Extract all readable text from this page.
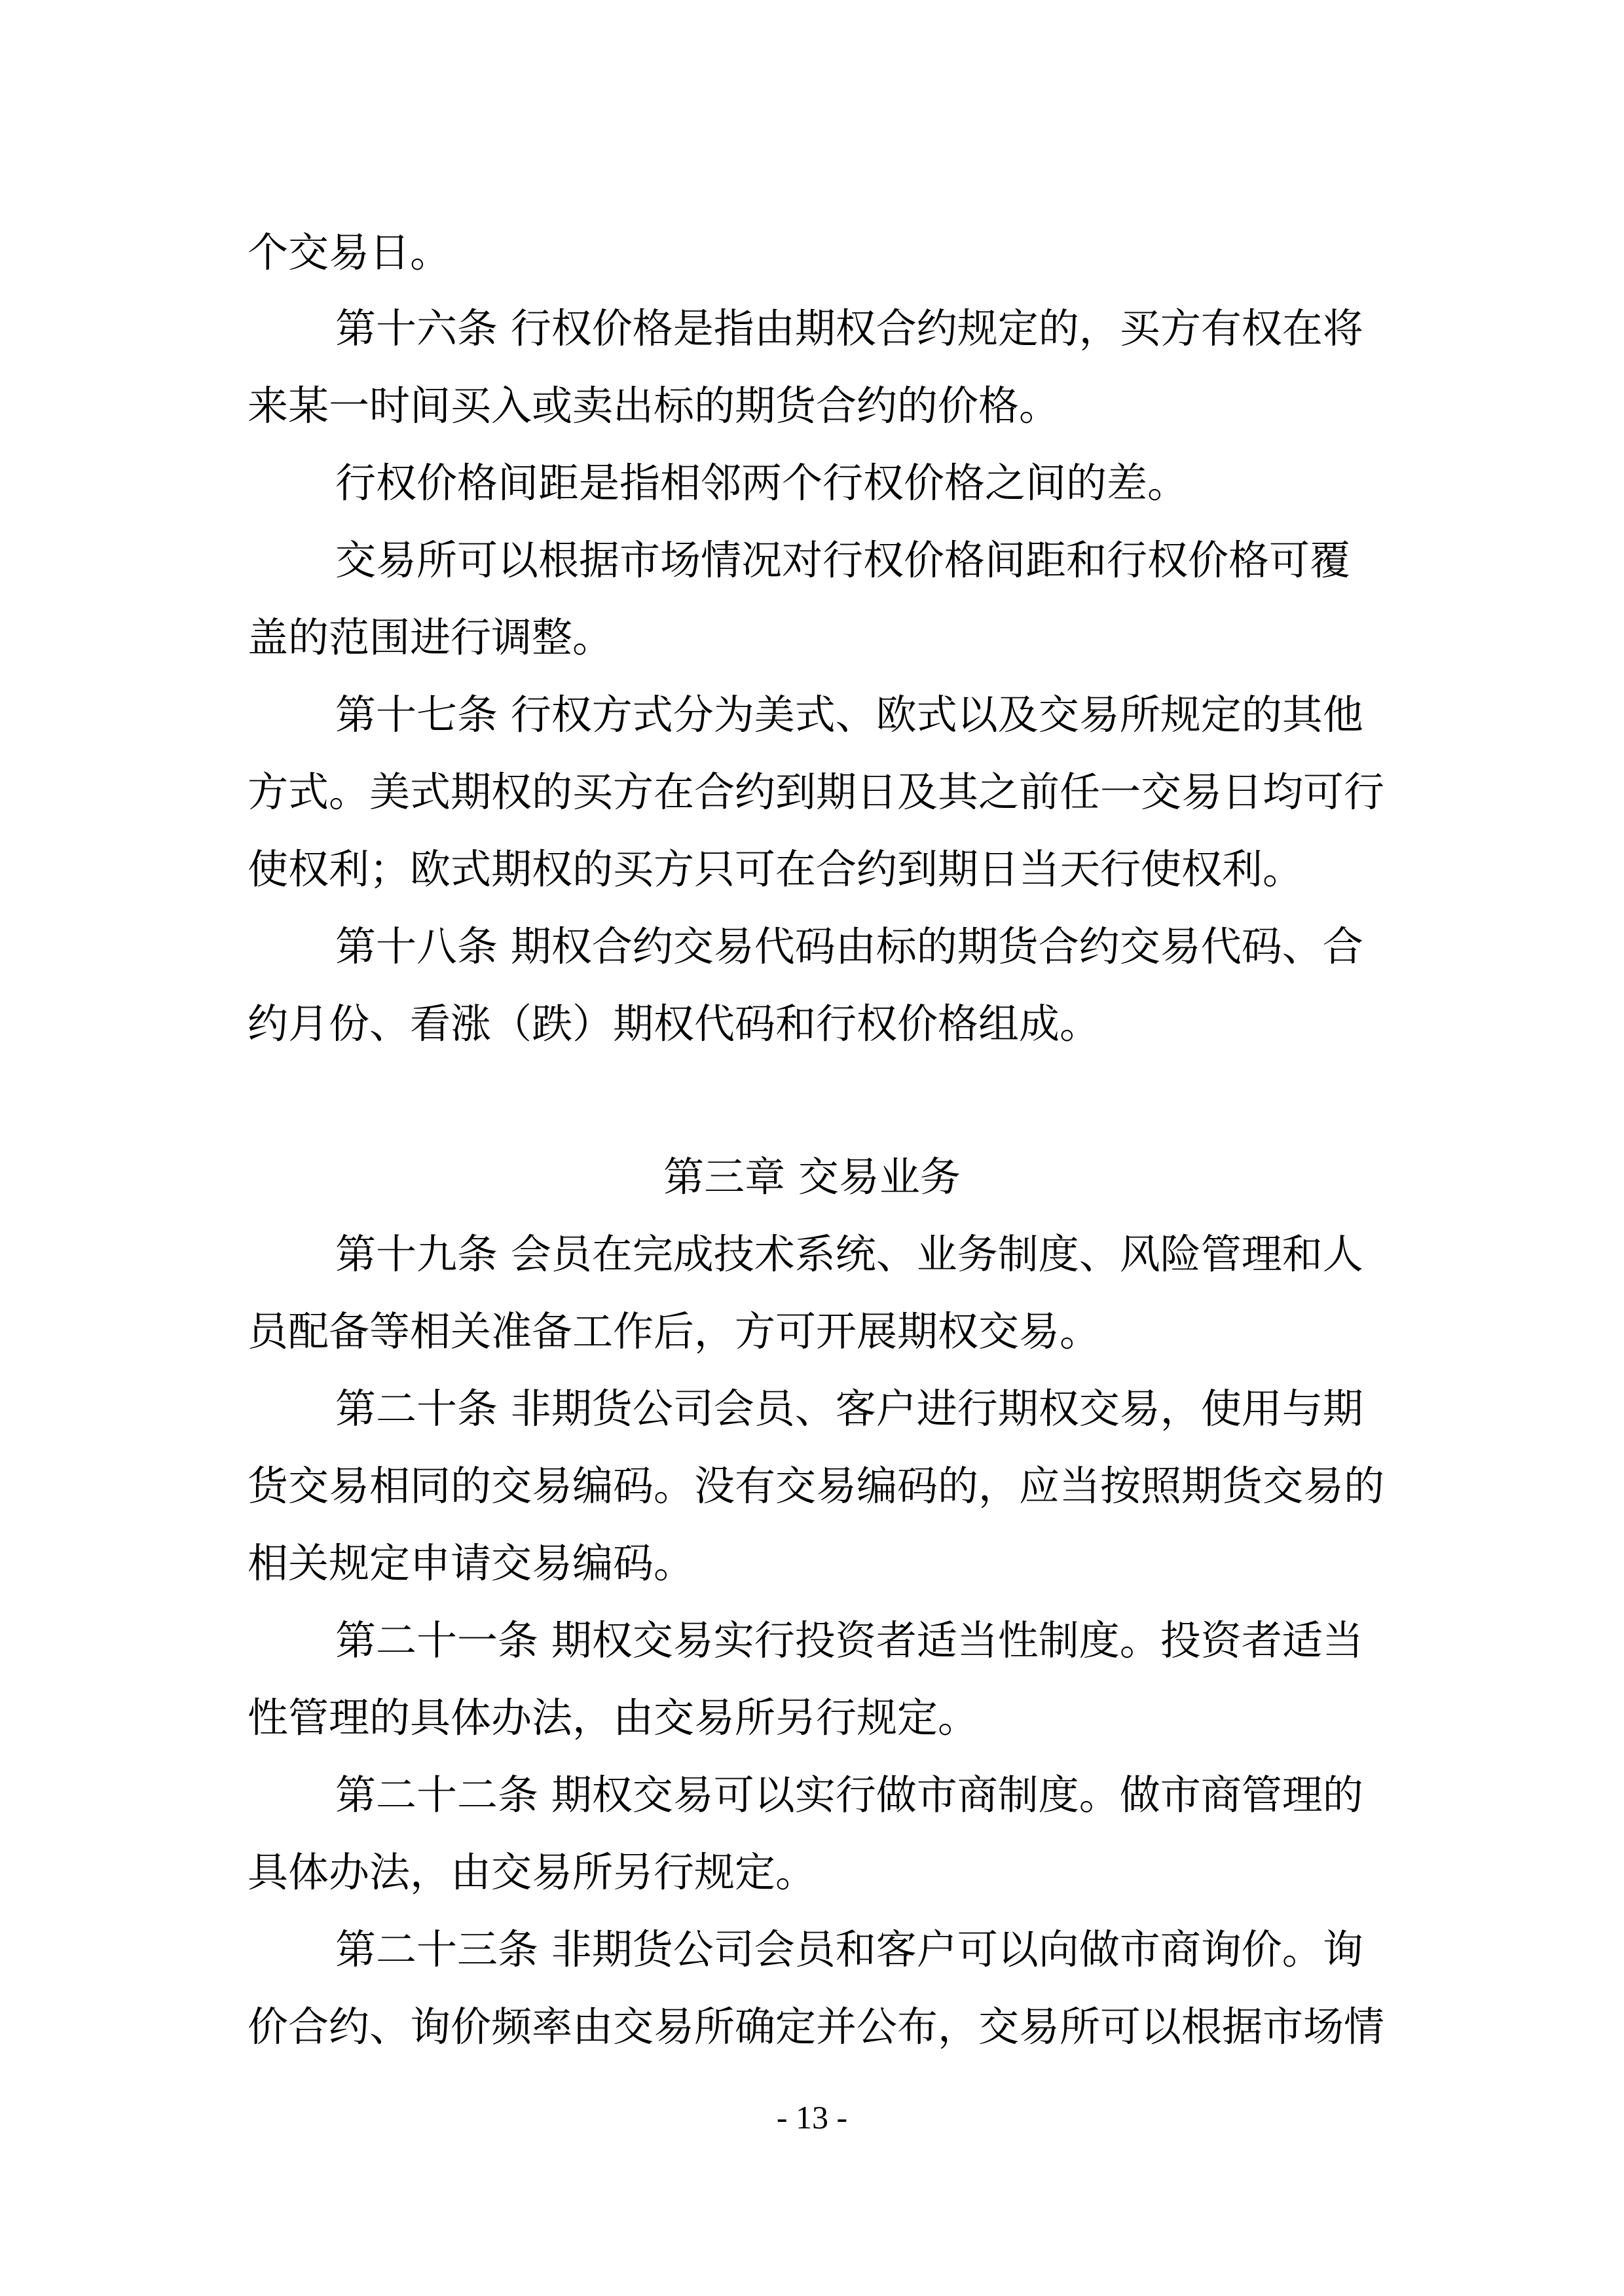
个交易日。
第十六条 行权价格是指由期权合约规定的，买方有权在将
来某一时间买入或卖出标的期货合约的价格。
行权价格间距是指相邻两个行权价格之间的差。
交易所可以根据市场情况对行权价格间距和行权价格可覆
盖的范围进行调整。
第十七条 行权方式分为美式、欧式以及交易所规定的其他
方式。美式期权的买方在合约到期日及其之前任一交易日均可行
使权利；欧式期权的买方只可在合约到期日当天行使权利。
第十八条 期权合约交易代码由标的期货合约交易代码、合
约月份、看涨（跌）期权代码和行权价格组成。
第三章 交易业务
第十九条 会员在完成技术系统、业务制度、风险管理和人
员配备等相关准备工作后，方可开展期权交易。
第二十条 非期货公司会员、客户进行期权交易，使用与期
货交易相同的交易编码。没有交易编码的，应当按照期货交易的
相关规定申请交易编码。
第二十一条 期权交易实行投资者适当性制度。投资者适当
性管理的具体办法，由交易所另行规定。
第二十二条 期权交易可以实行做市商制度。做市商管理的
具体办法，由交易所另行规定。
第二十三条 非期货公司会员和客户可以向做市商询价。询
价合约、询价频率由交易所确定并公布，交易所可以根据市场情
- 13 -
